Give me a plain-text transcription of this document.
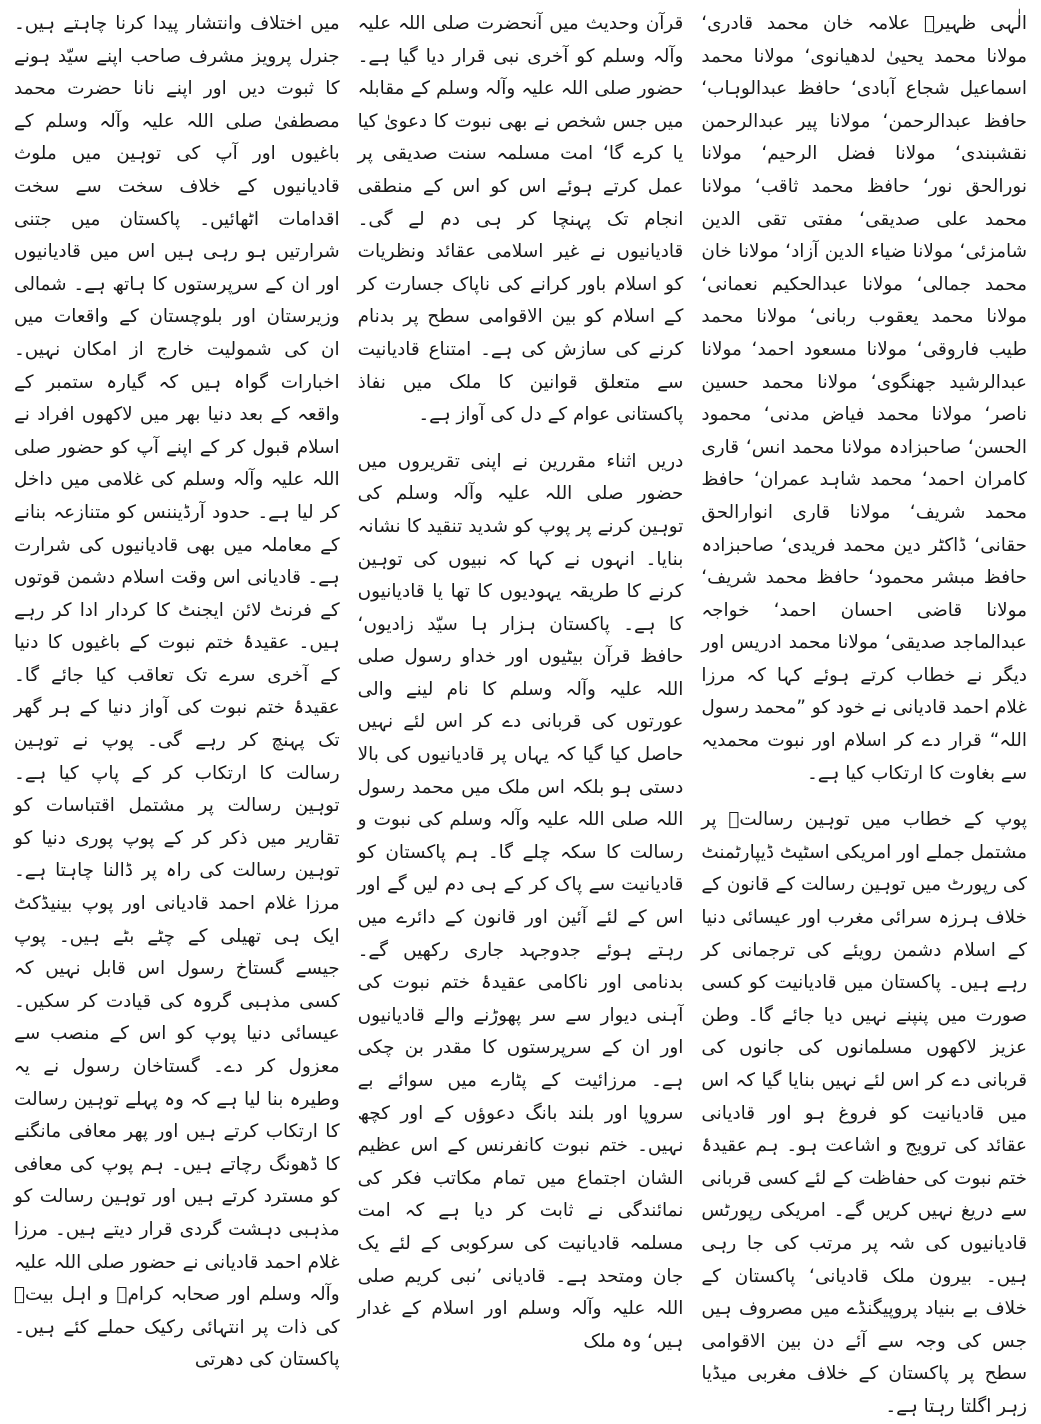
الٰہی ظہیرؒ علامہ خان محمد قادری‘ مولانا محمد یحییٰ لدھیانوی‘ مولانا محمد اسماعیل شجاع آبادی‘ حافظ عبدالوہاب‘ حافظ عبدالرحمن‘ مولانا پیر عبدالرحمن نقشبندی‘ مولانا فضل الرحیم‘ مولانا نورالحق نور‘ حافظ محمد ثاقب‘ مولانا محمد علی صدیقی‘ مفتی تقی الدین شامزئی‘ مولانا ضیاء الدین آزاد‘ مولانا خان محمد جمالی‘ مولانا عبدالحکیم نعمانی‘ مولانا محمد یعقوب ربانی‘ مولانا محمد طیب فاروقی‘ مولانا مسعود احمد‘ مولانا عبدالرشید جھنگوی‘ مولانا محمد حسین ناصر‘ مولانا محمد فیاض مدنی‘ محمود الحسن‘ صاحبزادہ مولانا محمد انس‘ قاری کامران احمد‘ محمد شاہد عمران‘ حافظ محمد شریف‘ مولانا قاری انوارالحق حقانی‘ ڈاکٹر دین محمد فریدی‘ صاحبزادہ حافظ مبشر محمود‘ حافظ محمد شریف‘ مولانا قاضی احسان احمد‘ خواجہ عبدالماجد صدیقی‘ مولانا محمد ادریس اور دیگر نے خطاب کرتے ہوئے کہا کہ مرزا غلام احمد قادیانی نے خود کو ”محمد رسول اللہ“ قرار دے کر اسلام اور نبوت محمدیہ سے بغاوت کا ارتکاب کیا ہے۔

پوپ کے خطاب میں توہین رسالتؐ پر مشتمل جملے اور امریکی اسٹیٹ ڈیپارٹمنٹ کی رپورٹ میں توہین رسالت کے قانون کے خلاف ہرزہ سرائی مغرب اور عیسائی دنیا کے اسلام دشمن رویئے کی ترجمانی کر رہے ہیں۔ پاکستان میں قادیانیت کو کسی صورت میں پنپنے نہیں دیا جائے گا۔ وطن عزیز لاکھوں مسلمانوں کی جانوں کی قربانی دے کر اس لئے نہیں بنایا گیا کہ اس میں قادیانیت کو فروغ ہو اور قادیانی عقائد کی ترویج و اشاعت ہو۔ ہم عقیدۂ ختم نبوت کی حفاظت کے لئے کسی قربانی سے دریغ نہیں کریں گے۔ امریکی رپورٹس قادیانیوں کی شہ پر مرتب کی جا رہی ہیں۔ بیرون ملک قادیانی‘ پاکستان کے خلاف بے بنیاد پروپیگنڈے میں مصروف ہیں جس کی وجہ سے آئے دن بین الاقوامی سطح پر پاکستان کے خلاف مغربی میڈیا زہر اگلتا رہتا ہے۔

قرآن وحدیث میں آنحضرت صلی اللہ علیہ وآلہ وسلم کو آخری نبی قرار دیا گیا ہے۔ حضور صلی اللہ علیہ وآلہ وسلم کے مقابلہ میں جس شخص نے بھی نبوت کا دعویٰ کیا یا کرے گا‘ امت مسلمہ سنت صدیقی پر عمل کرتے ہوئے اس کو اس کے منطقی انجام تک پہنچا کر ہی دم لے گی۔ قادیانیوں نے غیر اسلامی عقائد ونظریات کو اسلام باور کرانے کی ناپاک جسارت کر کے اسلام کو بین الاقوامی سطح پر بدنام کرنے کی سازش کی ہے۔ امتناع قادیانیت سے متعلق قوانین کا ملک میں نفاذ پاکستانی عوام کے دل کی آواز ہے۔

دریں اثناء مقررین نے اپنی تقریروں میں حضور صلی اللہ علیہ وآلہ وسلم کی توہین کرنے پر پوپ کو شدید تنقید کا نشانہ بنایا۔ انہوں نے کہا کہ نبیوں کی توہین کرنے کا طریقہ یہودیوں کا تھا یا قادیانیوں کا ہے۔ پاکستان ہزار ہا سیّد زادیوں‘ حافظ قرآن بیٹیوں اور خداو رسول صلی اللہ علیہ وآلہ وسلم کا نام لینے والی عورتوں کی قربانی دے کر اس لئے نہیں حاصل کیا گیا کہ یہاں پر قادیانیوں کی بالا دستی ہو بلکہ اس ملک میں محمد رسول اللہ صلی اللہ علیہ وآلہ وسلم کی نبوت و رسالت کا سکہ چلے گا۔ ہم پاکستان کو قادیانیت سے پاک کر کے ہی دم لیں گے اور اس کے لئے آئین اور قانون کے دائرے میں رہتے ہوئے جدوجہد جاری رکھیں گے۔ بدنامی اور ناکامی عقیدۂ ختم نبوت کی آہنی دیوار سے سر پھوڑنے والے قادیانیوں اور ان کے سرپرستوں کا مقدر بن چکی ہے۔ مرزائیت کے پٹارے میں سوائے بے سروپا اور بلند بانگ دعوؤں کے اور کچھ نہیں۔ ختم نبوت کانفرنس کے اس عظیم الشان اجتماع میں تمام مکاتب فکر کی نمائندگی نے ثابت کر دیا ہے کہ امت مسلمہ قادیانیت کی سرکوبی کے لئے یک جان ومتحد ہے۔ قادیانی ’نبی کریم صلی اللہ علیہ وآلہ وسلم اور اسلام کے غدار ہیں‘ وہ ملک

میں اختلاف وانتشار پیدا کرنا چاہتے ہیں۔ جنرل پرویز مشرف صاحب اپنے سیّد ہونے کا ثبوت دیں اور اپنے نانا حضرت محمد مصطفیٰ صلی اللہ علیہ وآلہ وسلم کے باغیوں اور آپ کی توہین میں ملوث قادیانیوں کے خلاف سخت سے سخت اقدامات اٹھائیں۔ پاکستان میں جتنی شرارتیں ہو رہی ہیں اس میں قادیانیوں اور ان کے سرپرستوں کا ہاتھ ہے۔ شمالی وزیرستان اور بلوچستان کے واقعات میں ان کی شمولیت خارج از امکان نہیں۔ اخبارات گواہ ہیں کہ گیارہ ستمبر کے واقعہ کے بعد دنیا بھر میں لاکھوں افراد نے اسلام قبول کر کے اپنے آپ کو حضور صلی اللہ علیہ وآلہ وسلم کی غلامی میں داخل کر لیا ہے۔ حدود آرڈیننس کو متنازعہ بنانے کے معاملہ میں بھی قادیانیوں کی شرارت ہے۔ قادیانی اس وقت اسلام دشمن قوتوں کے فرنٹ لائن ایجنٹ کا کردار ادا کر رہے ہیں۔ عقیدۂ ختم نبوت کے باغیوں کا دنیا کے آخری سرے تک تعاقب کیا جائے گا۔ عقیدۂ ختم نبوت کی آواز دنیا کے ہر گھر تک پہنچ کر رہے گی۔ پوپ نے توہین رسالت کا ارتکاب کر کے پاپ کیا ہے۔ توہین رسالت پر مشتمل اقتباسات کو تقاریر میں ذکر کر کے پوپ پوری دنیا کو توہین رسالت کی راہ پر ڈالنا چاہتا ہے۔ مرزا غلام احمد قادیانی اور پوپ بینیڈکٹ ایک ہی تھیلی کے چٹے بٹے ہیں۔ پوپ جیسے گستاخ رسول اس قابل نہیں کہ کسی مذہبی گروہ کی قیادت کر سکیں۔ عیسائی دنیا پوپ کو اس کے منصب سے معزول کر دے۔ گستاخان رسول نے یہ وطیرہ بنا لیا ہے کہ وہ پہلے توہین رسالت کا ارتکاب کرتے ہیں اور پھر معافی مانگنے کا ڈھونگ رچاتے ہیں۔ ہم پوپ کی معافی کو مسترد کرتے ہیں اور توہین رسالت کو مذہبی دہشت گردی قرار دیتے ہیں۔ مرزا غلام احمد قادیانی نے حضور صلی اللہ علیہ وآلہ وسلم اور صحابہ کرامؓ و اہل بیتؓ کی ذات پر انتہائی رکیک حملے کئے ہیں۔ پاکستان کی دھرتی
